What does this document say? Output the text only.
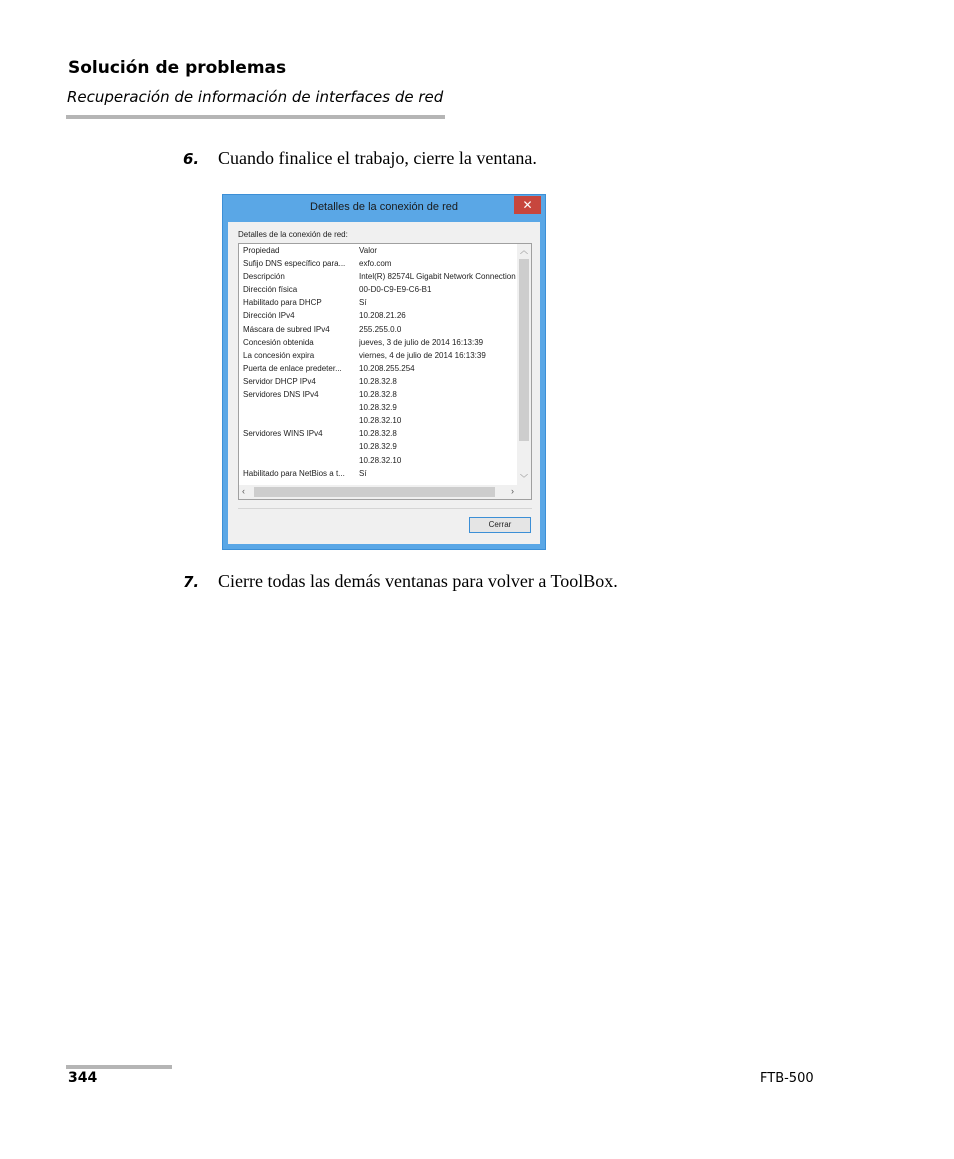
Solución de problemas
Recuperación de información de interfaces de red
6. Cuando finalice el trabajo, cierre la ventana.
Detalles de la conexión de red	✕
Detalles de la conexión de red:
Propiedad	Valor
Sufijo DNS específico para...	exfo.com
Descripción	Intel(R) 82574L Gigabit Network Connection
Dirección física	00-D0-C9-E9-C6-B1
Habilitado para DHCP	Sí
Dirección IPv4	10.208.21.26
Máscara de subred IPv4	255.255.0.0
Concesión obtenida	jueves, 3 de julio de 2014 16:13:39
La concesión expira	viernes, 4 de julio de 2014 16:13:39
Puerta de enlace predeter...	10.208.255.254
Servidor DHCP IPv4	10.28.32.8
Servidores DNS IPv4	10.28.32.8
10.28.32.9
10.28.32.10
Servidores WINS IPv4	10.28.32.8
10.28.32.9
10.28.32.10
Habilitado para NetBios a t...	Sí
︿
﹀
‹	›
Cerrar
7. Cierre todas las demás ventanas para volver a ToolBox.
344	FTB-500
